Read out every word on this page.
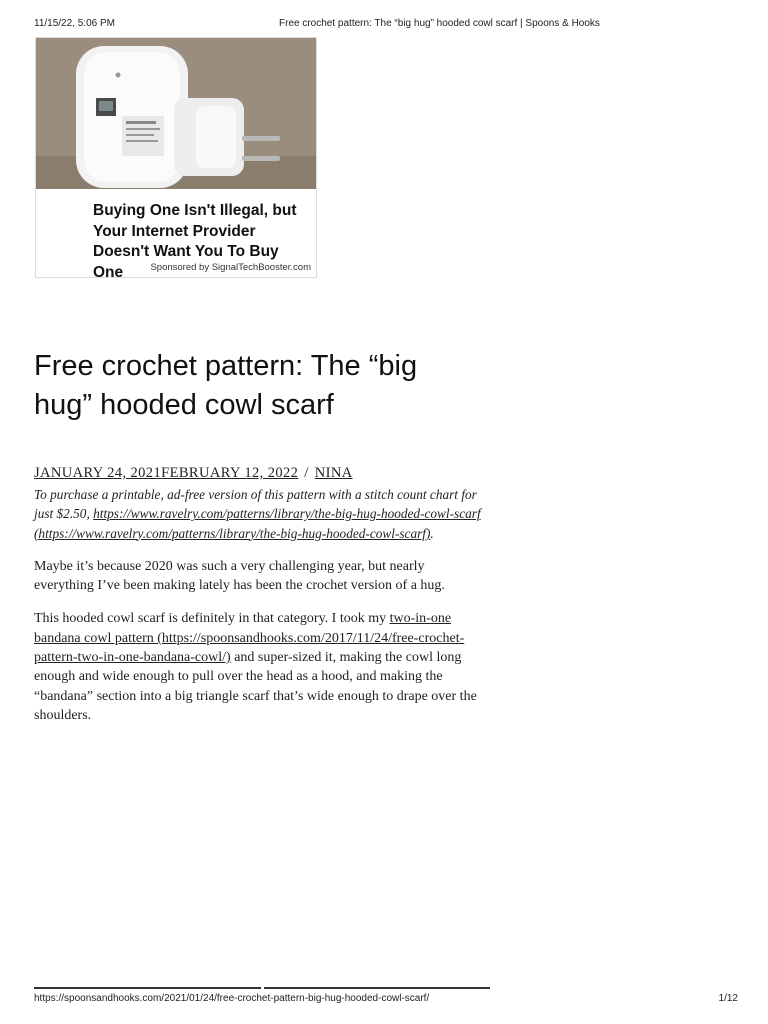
11/15/22, 5:06 PM	Free crochet pattern: The “big hug” hooded cowl scarf | Spoons & Hooks
Buying One Isn't Illegal, but Your Internet Provider Doesn't Want You To Buy One	Sponsored by SignalTechBooster.com
Free crochet pattern: The “big hug” hooded cowl scarf
JANUARY 24, 2021FEBRUARY 12, 2022 / NINA

To purchase a printable, ad-free version of this pattern with a stitch count chart for just $2.50, https://www.ravelry.com/patterns/library/the-big-hug-hooded-cowl-scarf (https://www.ravelry.com/patterns/library/the-big-hug-hooded-cowl-scarf).

Maybe it’s because 2020 was such a very challenging year, but nearly everything I’ve been making lately has been the crochet version of a hug.

This hooded cowl scarf is definitely in that category. I took my two-in-one bandana cowl pattern (https://spoonsandhooks.com/2017/11/24/free-crochet-pattern-two-in-one-bandana-cowl/) and super-sized it, making the cowl long enough and wide enough to pull over the head as a hood, and making the “bandana” section into a big triangle scarf that’s wide enough to drape over the shoulders.

https://spoonsandhooks.com/2021/01/24/free-crochet-pattern-big-hug-hooded-cowl-scarf/	1/12
